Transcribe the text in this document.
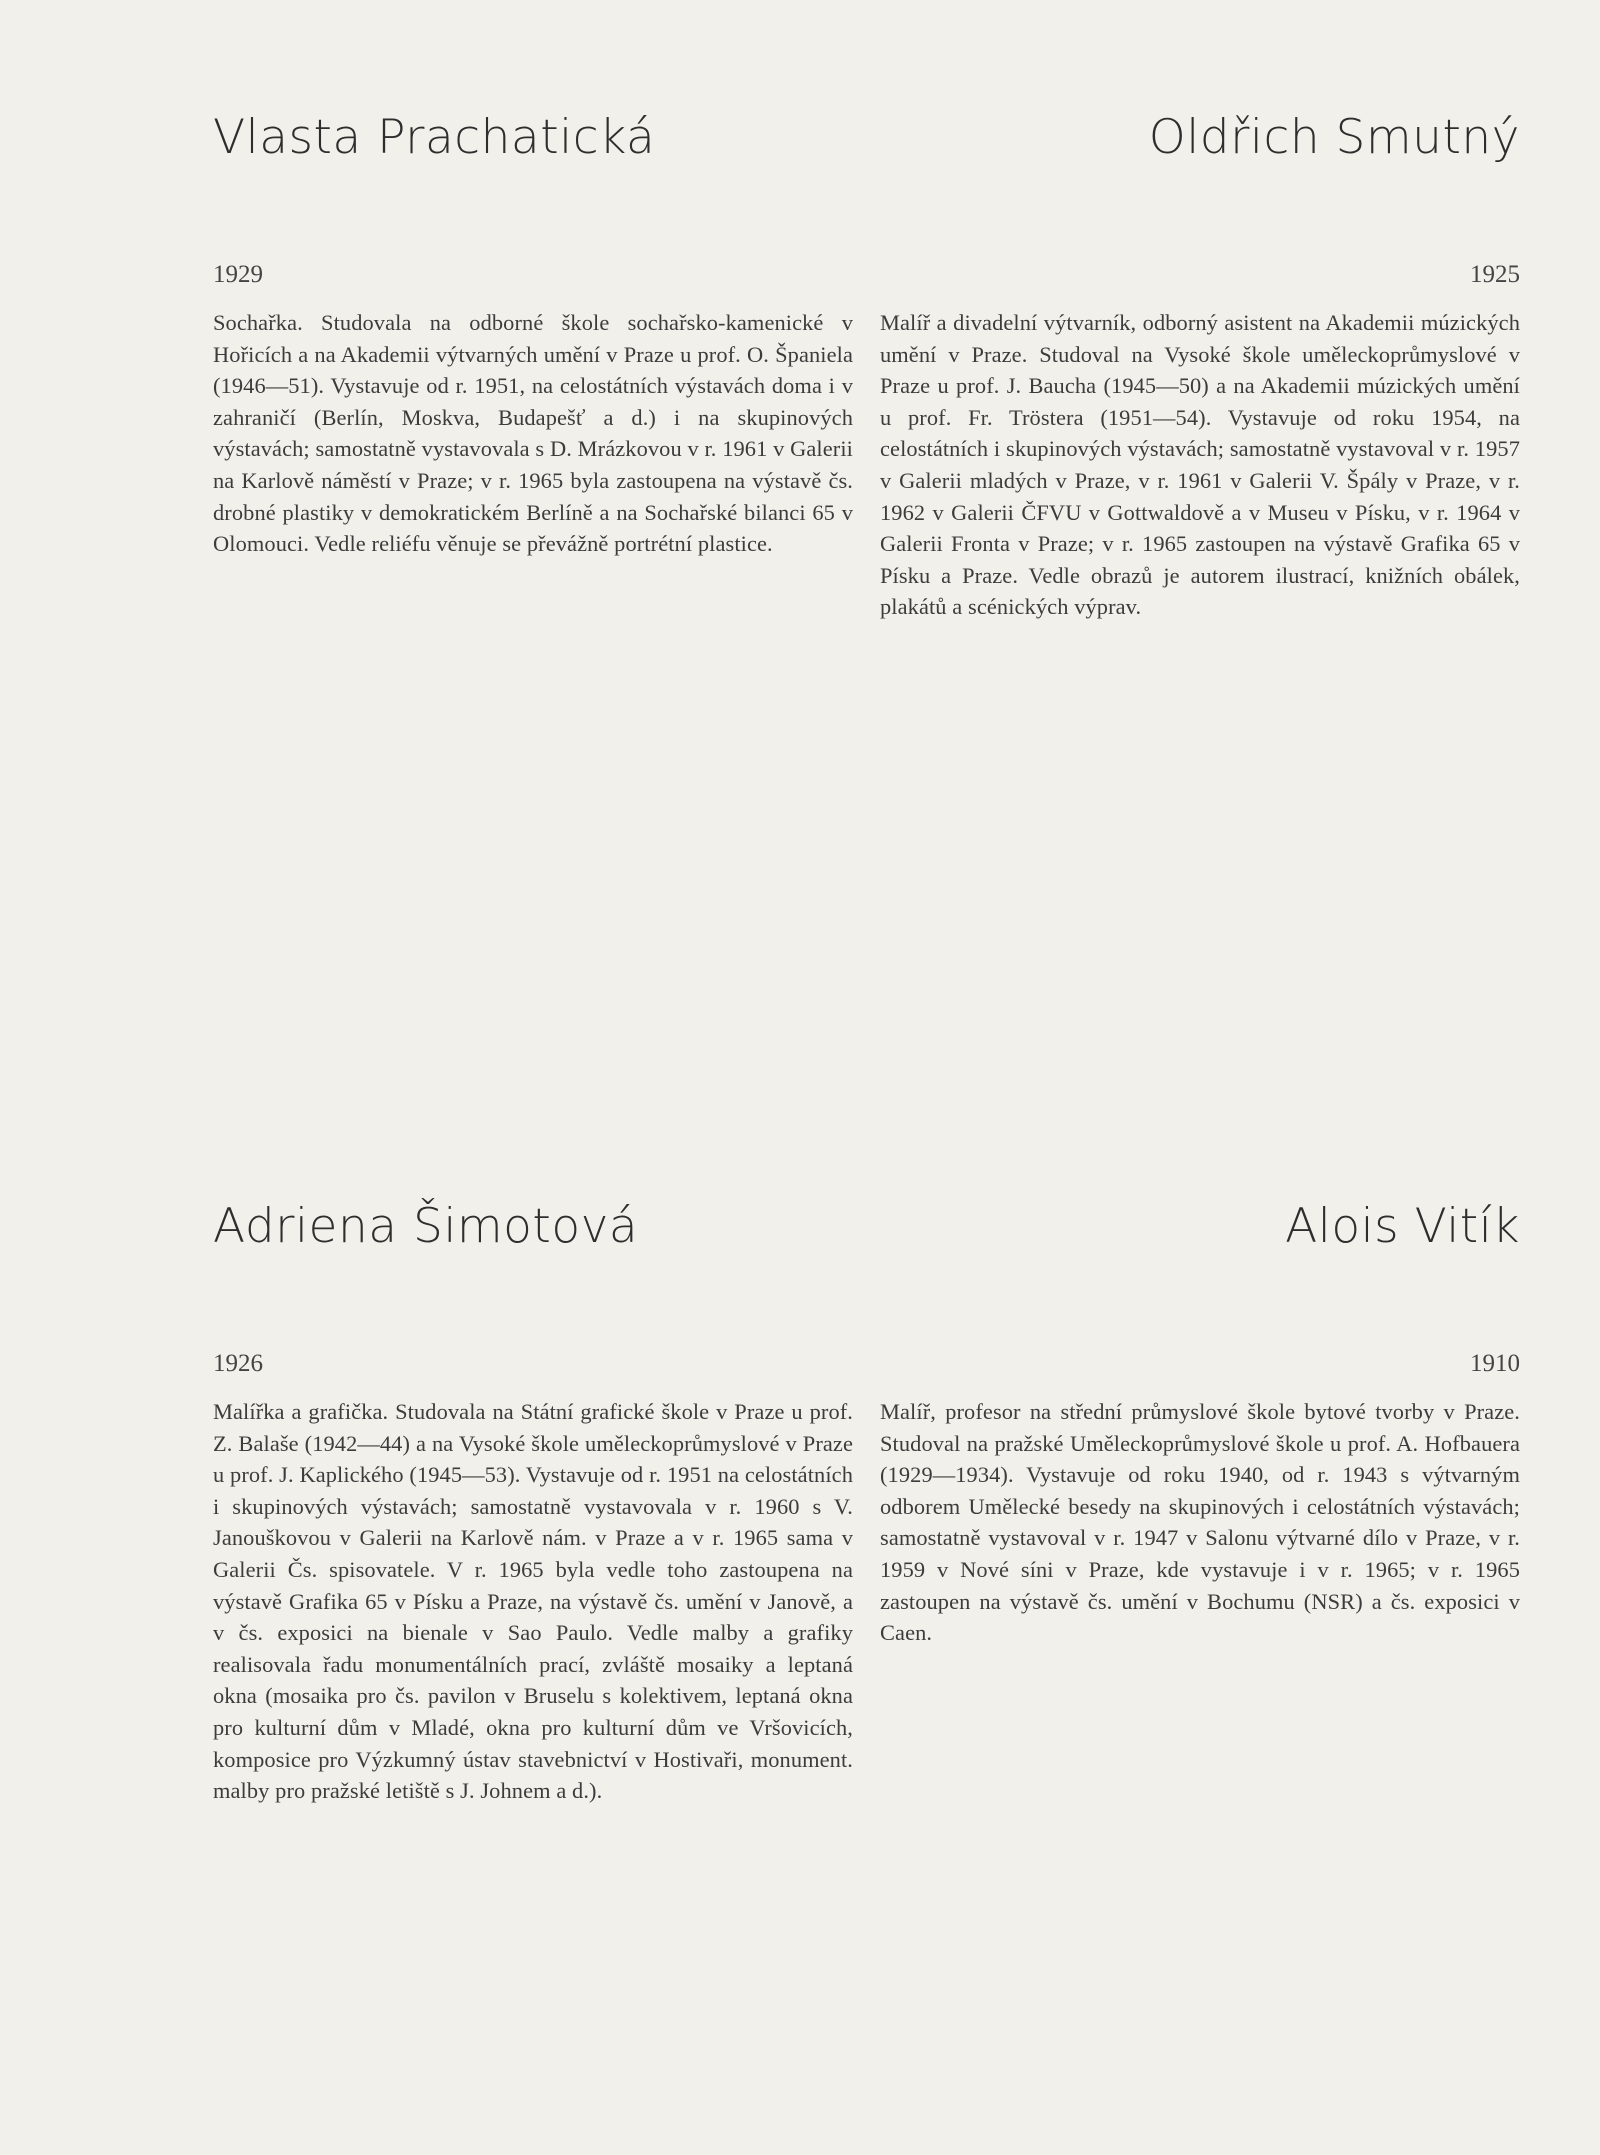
Vlasta Prachatická
1929
Sochařka. Studovala na odborné škole sochařsko-kamenické v Hořicích a na Akademii výtvarných umění v Praze u prof. O. Španiela (1946—51). Vystavuje od r. 1951, na celostátních výstavách doma i v zahraničí (Berlín, Moskva, Budapešť a d.) i na skupinových výstavách; samostatně vystavovala s D. Mrázkovou v r. 1961 v Galerii na Karlově náměstí v Praze; v r. 1965 byla zastoupena na výstavě čs. drobné plastiky v demokratickém Berlíně a na Sochařské bilanci 65 v Olomouci. Vedle reliéfu věnuje se převážně portrétní plastice.
Oldřich Smutný
1925
Malíř a divadelní výtvarník, odborný asistent na Akademii múzických umění v Praze. Studoval na Vysoké škole uměleckoprůmyslové v Praze u prof. J. Baucha (1945—50) a na Akademii múzických umění u prof. Fr. Tröstera (1951—54). Vystavuje od roku 1954, na celostátních i skupinových výstavách; samostatně vystavoval v r. 1957 v Galerii mladých v Praze, v r. 1961 v Galerii V. Špály v Praze, v r. 1962 v Galerii ČFVU v Gottwaldově a v Museu v Písku, v r. 1964 v Galerii Fronta v Praze; v r. 1965 zastoupen na výstavě Grafika 65 v Písku a Praze. Vedle obrazů je autorem ilustrací, knižních obálek, plakátů a scénických výprav.
Adriena Šimotová
1926
Malířka a grafička. Studovala na Státní grafické škole v Praze u prof. Z. Balaše (1942—44) a na Vysoké škole uměleckoprůmyslové v Praze u prof. J. Kaplického (1945—53). Vystavuje od r. 1951 na celostátních i skupinových výstavách; samostatně vystavovala v r. 1960 s V. Janouškovou v Galerii na Karlově nám. v Praze a v r. 1965 sama v Galerii Čs. spisovatele. V r. 1965 byla vedle toho zastoupena na výstavě Grafika 65 v Písku a Praze, na výstavě čs. umění v Janově, a v čs. exposici na bienale v Sao Paulo. Vedle malby a grafiky realisovala řadu monumentálních prací, zvláště mosaiky a leptaná okna (mosaika pro čs. pavilon v Bruselu s kolektivem, leptaná okna pro kulturní dům v Mladé, okna pro kulturní dům ve Vršovicích, komposice pro Výzkumný ústav stavebnictví v Hostivaři, monument. malby pro pražské letiště s J. Johnem a d.).
Alois Vitík
1910
Malíř, profesor na střední průmyslové škole bytové tvorby v Praze. Studoval na pražské Uměleckoprůmyslové škole u prof. A. Hofbauera (1929—1934). Vystavuje od roku 1940, od r. 1943 s výtvarným odborem Umělecké besedy na skupinových i celostátních výstavách; samostatně vystavoval v r. 1947 v Salonu výtvarné dílo v Praze, v r. 1959 v Nové síni v Praze, kde vystavuje i v r. 1965; v r. 1965 zastoupen na výstavě čs. umění v Bochumu (NSR) a čs. exposici v Caen.
